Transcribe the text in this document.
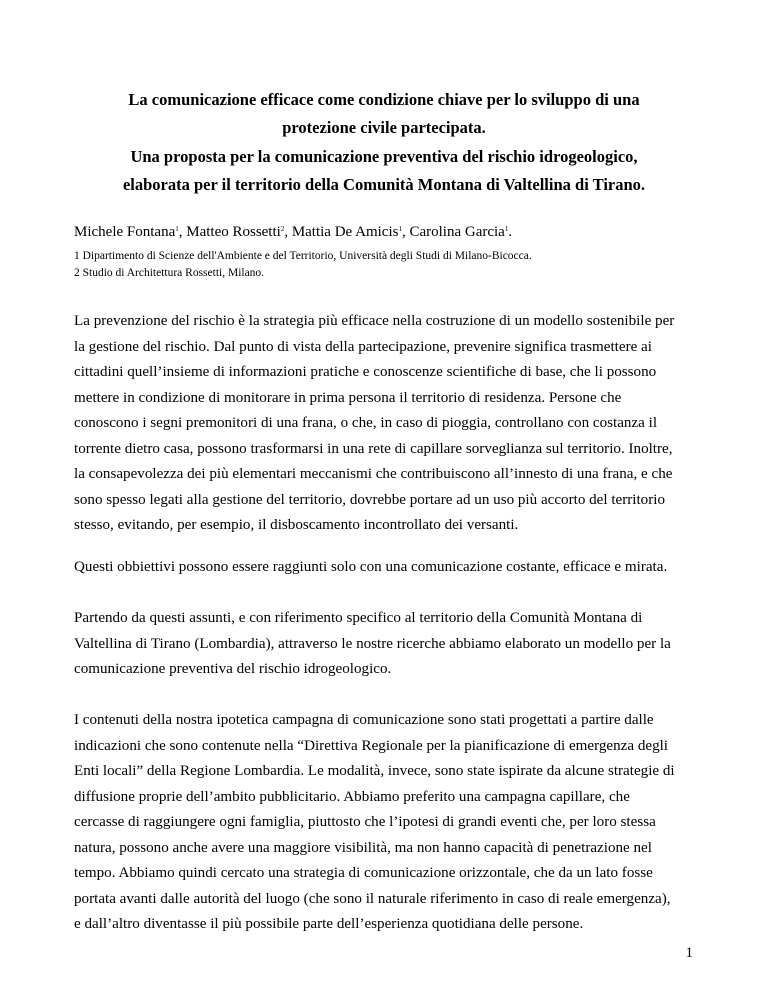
La comunicazione efficace come condizione chiave per lo sviluppo di una
protezione civile partecipata.
Una proposta per la comunicazione preventiva del rischio idrogeologico,
elaborata per il territorio della Comunità Montana di Valtellina di Tirano.
Michele Fontana$^1$, Matteo Rossetti$^2$, Mattia De Amicis$^1$, Carolina Garcia$^1$.
1 Dipartimento di Scienze dell'Ambiente e del Territorio, Università degli Studi di Milano-Bicocca.
2 Studio di Architettura Rossetti, Milano.
La prevenzione del rischio è la strategia più efficace nella costruzione di un modello sostenibile per
la gestione del rischio. Dal punto di vista della partecipazione, prevenire significa trasmettere ai
cittadini quell’insieme di informazioni pratiche e conoscenze scientifiche di base, che li possono
mettere in condizione di monitorare in prima persona il territorio di residenza. Persone che
conoscono i segni premonitori di una frana, o che, in caso di pioggia, controllano con costanza il
torrente dietro casa, possono trasformarsi in una rete di capillare sorveglianza sul territorio. Inoltre,
la consapevolezza dei più elementari meccanismi che contribuiscono all’innesto di una frana, e che
sono spesso legati alla gestione del territorio, dovrebbe portare ad un uso più accorto del territorio
stesso, evitando, per esempio, il disboscamento incontrollato dei versanti.
Questi obbiettivi possono essere raggiunti solo con una comunicazione costante, efficace e mirata.
Partendo da questi assunti, e con riferimento specifico al territorio della Comunità Montana di
Valtellina di Tirano (Lombardia), attraverso le nostre ricerche abbiamo elaborato un modello per la
comunicazione preventiva del rischio idrogeologico.
I contenuti della nostra ipotetica campagna di comunicazione sono stati progettati a partire dalle
indicazioni che sono contenute nella “Direttiva Regionale per la pianificazione di emergenza degli
Enti locali” della Regione Lombardia. Le modalità, invece, sono state ispirate da alcune strategie di
diffusione proprie dell’ambito pubblicitario. Abbiamo preferito una campagna capillare, che
cercasse di raggiungere ogni famiglia, piuttosto che l’ipotesi di grandi eventi che, per loro stessa
natura, possono anche avere una maggiore visibilità, ma non hanno capacità di penetrazione nel
tempo. Abbiamo quindi cercato una strategia di comunicazione orizzontale, che da un lato fosse
portata avanti dalle autorità del luogo (che sono il naturale riferimento in caso di reale emergenza),
e dall’altro diventasse il più possibile parte dell’esperienza quotidiana delle persone.
1
